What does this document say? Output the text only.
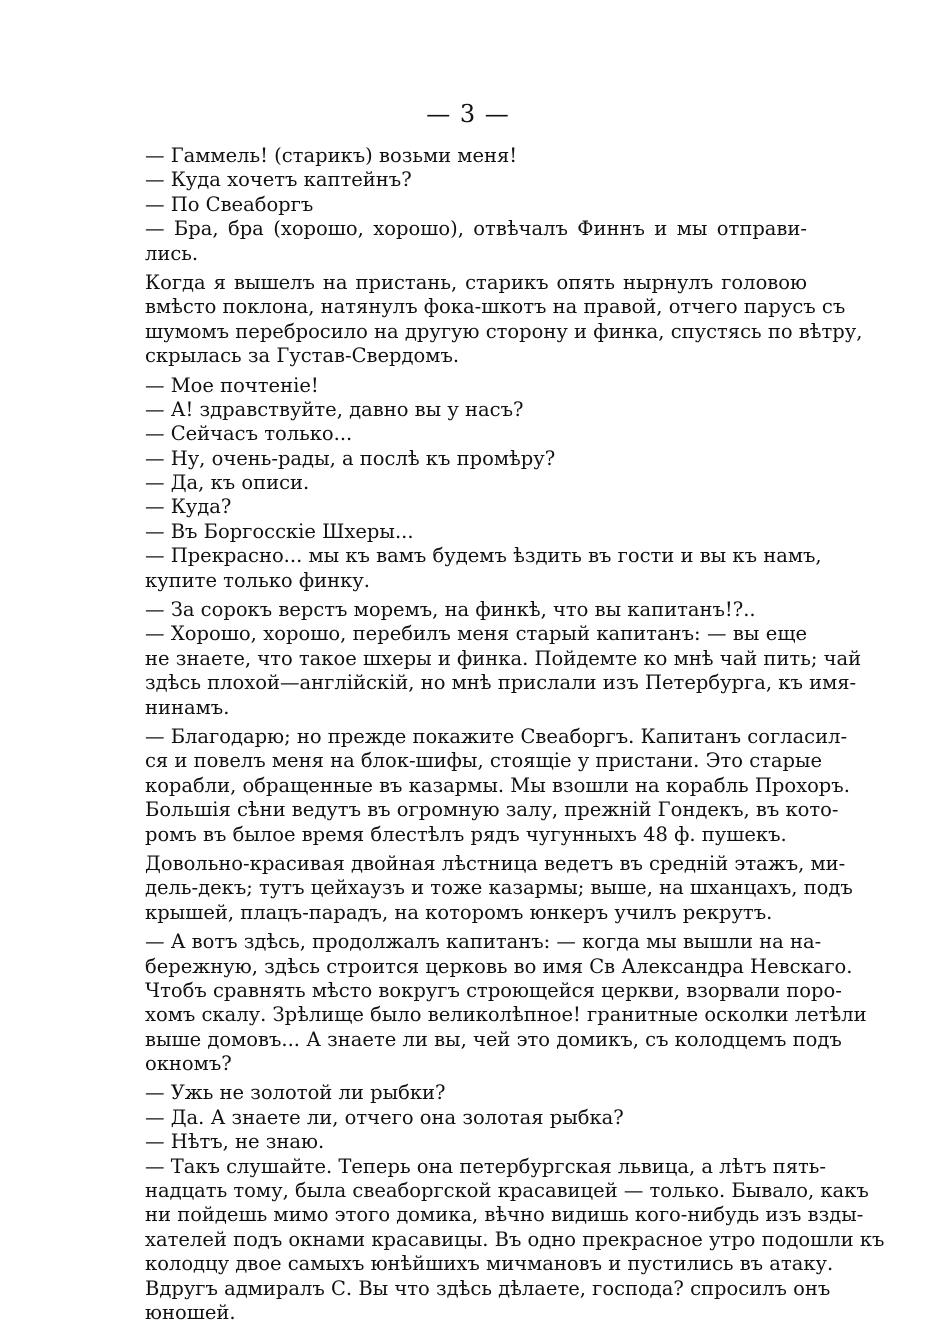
— 3 —
— Гаммель! (старикъ) возьми меня!
— Куда хочетъ каптейнъ?
— По Свеаборгъ
— Бра, бра (хорошо, хорошо), отвѣчалъ Финнъ и мы отправи-
лись.
Когда я вышелъ на пристань, старикъ опять нырнулъ головою
вмѣсто поклона, натянулъ фока-шкотъ на правой, отчего парусъ съ
шумомъ перебросило на другую сторону и финка, спустясь по вѣтру,
скрылась за Густав-Свердомъ.
— Мое почтеніе!
— А! здравствуйте, давно вы у насъ?
— Сейчасъ только...
— Ну, очень-рады, а послѣ къ промѣру?
— Да, къ описи.
— Куда?
— Въ Боргосскіе Шхеры...
— Прекрасно... мы къ вамъ будемъ ѣздить въ гости и вы къ намъ,
купите только финку.
— За сорокъ верстъ моремъ, на финкѣ, что вы капитанъ!?..
— Хорошо, хорошо, перебилъ меня старый капитанъ: — вы еще
не знаете, что такое шхеры и финка. Пойдемте ко мнѣ чай пить; чай
здѣсь плохой—англійскій, но мнѣ прислали изъ Петербурга, къ имя-
нинамъ.
— Благодарю; но прежде покажите Свеаборгъ. Капитанъ согласил-
ся и повелъ меня на блок-шифы, стоящіе у пристани. Это старые
корабли, обращенные въ казармы. Мы взошли на корабль Прохоръ.
Большія сѣни ведутъ въ огромную залу, прежній Гондекъ, въ кото-
ромъ въ былое время блестѣлъ рядъ чугунныхъ 48 ф. пушекъ.
Довольно-красивая двойная лѣстница ведетъ въ средній этажъ, ми-
дель-декъ; тутъ цейхаузъ и тоже казармы; выше, на шханцахъ, подъ
крышей, плацъ-парадъ, на которомъ юнкеръ училъ рекрутъ.
— А вотъ здѣсь, продолжалъ капитанъ: — когда мы вышли на на-
бережную, здѣсь строится церковь во имя Св Александра Невскаго.
Чтобъ сравнять мѣсто вокругъ строющейся церкви, взорвали поро-
хомъ скалу. Зрѣлище было великолѣпное! гранитные осколки летѣли
выше домовъ... А знаете ли вы, чей это домикъ, съ колодцемъ подъ
окномъ?
— Ужь не золотой ли рыбки?
— Да. А знаете ли, отчего она золотая рыбка?
— Нѣтъ, не знаю.
— Такъ слушайте. Теперь она петербургская львица, а лѣтъ пять-
надцать тому, была свеаборгской красавицей — только. Бывало, какъ
ни пойдешь мимо этого домика, вѣчно видишь кого-нибудь изъ взды-
хателей подъ окнами красавицы. Въ одно прекрасное утро подошли къ
колодцу двое самыхъ юнѣйшихъ мичмановъ и пустились въ атаку.
Вдругъ адмиралъ С. Вы что здѣсь дѣлаете, господа? спросилъ онъ
юношей.
